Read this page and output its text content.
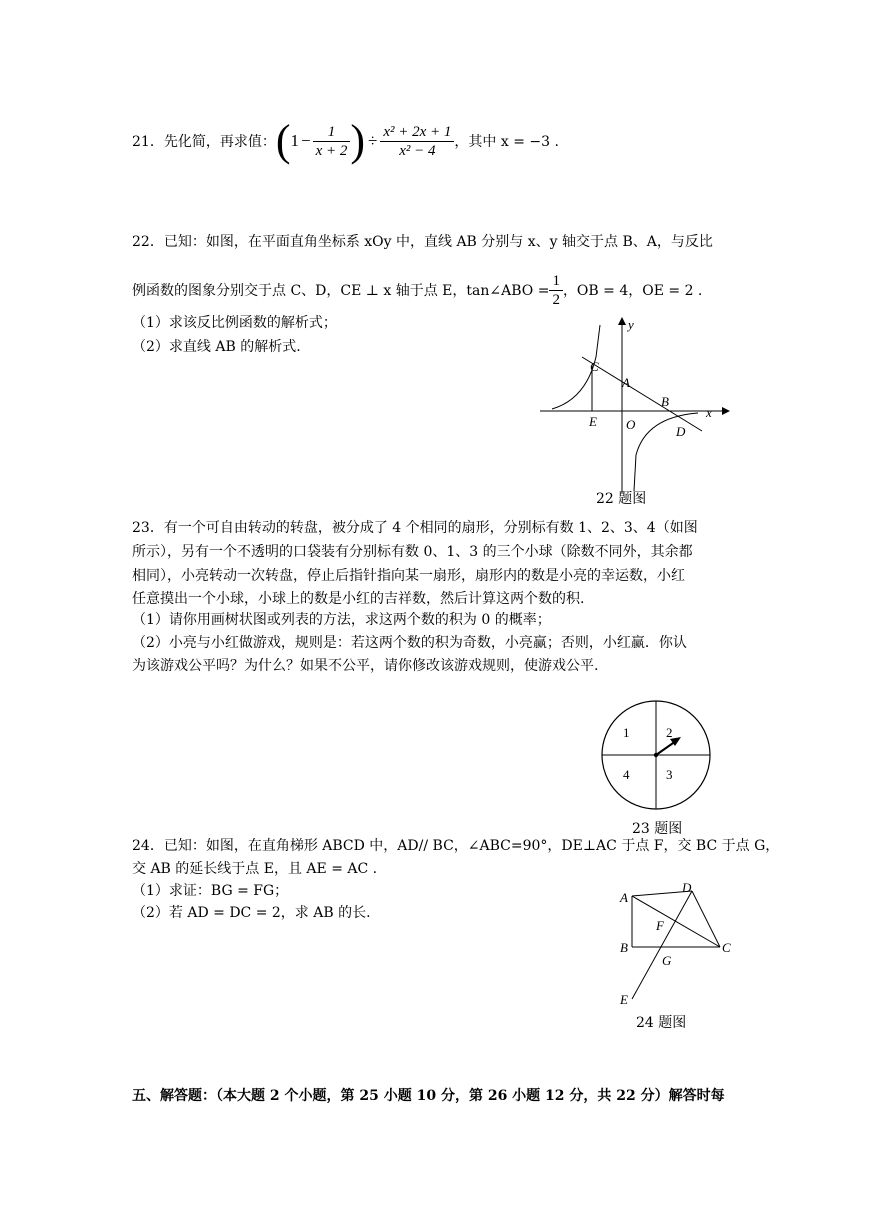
21．先化简，再求值： ( $1 - \frac{1}{x + 2}$ ) ÷ $\frac{\text{x² + 2x + 1}}{\text{x² − 4}}$ ，其中 x = −3 .
22．已知：如图，在平面直角坐标系 xOy 中，直线 AB 分别与 x、y 轴交于点 B、A，与反比
例函数的图象分别交于点 C、D，CE ⊥ x 轴于点 E，tan∠ABO = $\frac{1}{2}$ ，OB = 4，OE = 2 .
（1）求该反比例函数的解析式；
（2）求直线 AB 的解析式.
y
x
C
A
B
E O	D
22 题图
23．有一个可自由转动的转盘，被分成了 4 个相同的扇形，分别标有数 1、2、3、4（如图
所示），另有一个不透明的口袋装有分别标有数 0、1、3 的三个小球（除数不同外，其余都
相同），小亮转动一次转盘，停止后指针指向某一扇形，扇形内的数是小亮的幸运数，小红
任意摸出一个小球，小球上的数是小红的吉祥数，然后计算这两个数的积.
（1）请你用画树状图或列表的方法，求这两个数的积为 0 的概率；
（2）小亮与小红做游戏，规则是：若这两个数的积为奇数，小亮赢；否则，小红赢．你认
为该游戏公平吗？为什么？如果不公平，请你修改该游戏规则，使游戏公平.
1	2
4	3
23 题图
24．已知：如图，在直角梯形 ABCD 中，AD// BC，∠ABC=90°，DE⊥AC 于点 F，交 BC 于点 G，
交 AB 的延长线于点 E，且 AE = AC .
（1）求证：BG = FG；
（2）若 AD = DC = 2，求 AB 的长.
A
D
F
B	C
G
E
24 题图
五、解答题：（本大题 2 个小题，第 25 小题 10 分，第 26 小题 12 分，共 22 分）解答时每
